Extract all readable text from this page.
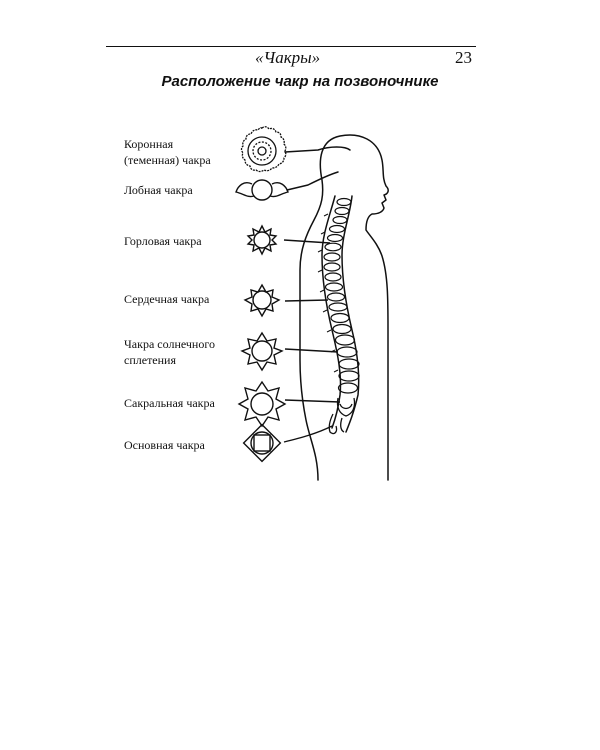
«Чакры»	23
Расположение чакр на позвоночнике
Коронная
(теменная) чакра
Лобная чакра
Горловая чакра
Сердечная чакра
Чакра солнечного
сплетения
Сакральная чакра
Основная чакра
